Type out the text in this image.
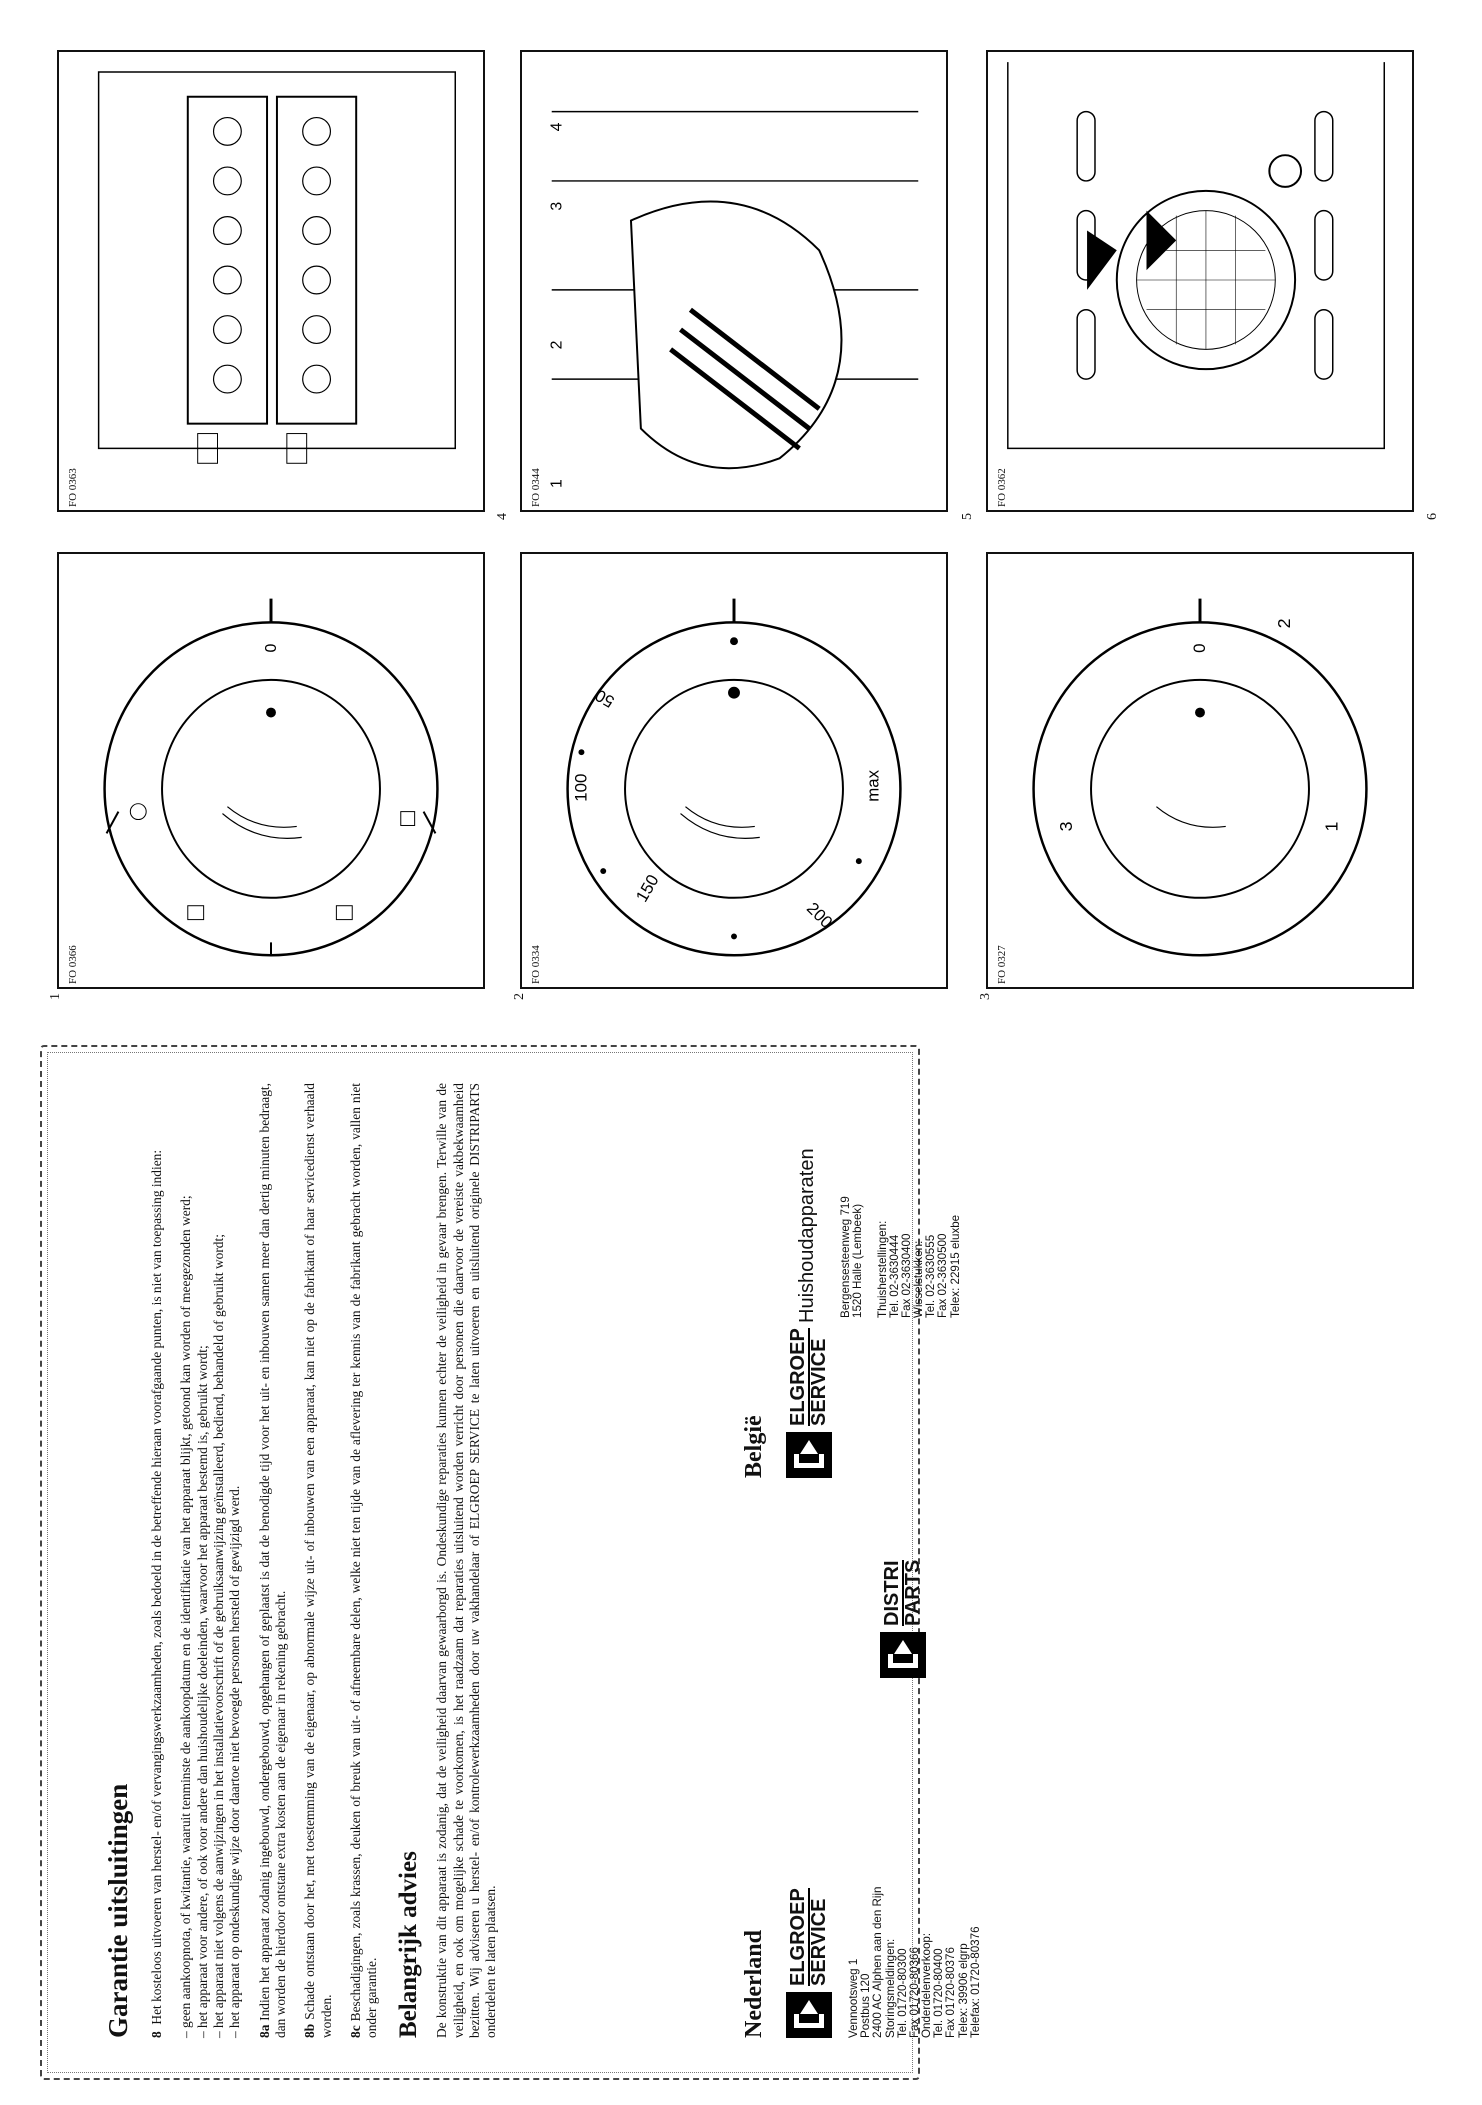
Garantie uitsluitingen 8  Het kosteloos uitvoeren van herstel- en/of vervangingswerkzaamheden, zoals bedoeld in de betreffende hieraan voorafgaande punten, is niet van toepassing indien: – geen aankoopnota, of kwitantie, waaruit tenminste de aankoopdatum en de identifikatie van het apparaat blijkt, getoond kan worden of meegezonden werd; – het apparaat voor andere, of ook voor andere dan huishoudelijke doeleinden, waarvoor het apparaat bestemd is, gebruikt wordt; – het apparaat niet volgens de aanwijzingen in het installatievoorschrift of de gebruiksaanwijzing geïnstalleerd, bediend, behandeld of gebruikt wordt; – het apparaat op ondeskundige wijze door daartoe niet bevoegde personen hersteld of gewijzigd werd.

8a Indien het apparaat zodanig ingebouwd, ondergebouwd, opgehangen of geplaatst is dat de benodigde tijd voor het uit- en inbouwen samen meer dan dertig minuten bedraagt, dan worden de hierdoor ontstane extra kosten aan de eigenaar in rekening gebracht. 8b Schade ontstaan door het, met toestemming van de eigenaar, op abnormale wijze uit- of inbouwen van een apparaat, kan niet op de fabrikant of haar servicedienst verhaald worden. 8c Beschadigingen, zoals krassen, deuken of breuk van uit- of afneembare delen, welke niet ten tijde van de aflevering ter kennis van de fabrikant gebracht worden, vallen niet onder garantie. Belangrijk advies De konstruktie van dit apparaat is zodanig, dat de veiligheid daarvan gewaarborgd is. Ondeskundige reparaties kunnen echter de veiligheid in gevaar brengen. Terwille van de veiligheid, en ook om mogelijke schade te voorkomen, is het raadzaam dat reparaties uitsluitend worden verricht door personen die daarvoor de vereiste vakbekwaamheid bezitten. Wij adviseren u herstel- en/of kontrolewerkzaamheden door uw vakhandelaar of ELGROEP SERVICE te laten uitvoeren en uitsluitend originele DISTRIPARTS onderdelen te laten plaatsen.	Nederland ELGROEP SERVICE
Vennootsweg 1
Postbus 120
2400 AC Alphen aan den Rijn
Storingsmeldingen:
Tel. 01720-80300
Fax 01720-80366
Onderdelenverkoop:
Tel. 01720-80400
Fax 01720-80376
Telex: 39906 elgrp
Telefax: 01720-80376
DISTRI PARTS
België
ELGROEP SERVICE
Huishoudapparaten Bergensesteenweg 719
1520 Halle (Lembeek) Thuisherstellingen:
Tel. 02-3630444
Fax 02-3630400
Wisselstukken:
Tel. 02-3630555
Fax 02-3630500
Telex: 22915 eluxbe
0
FO 0366
1
50
100
150
200
max
FO 0334
2
0
1
3
2
FO 0327
3
FO 0363
4
1
2
3
4
FO 0344
5
FO 0362
6
